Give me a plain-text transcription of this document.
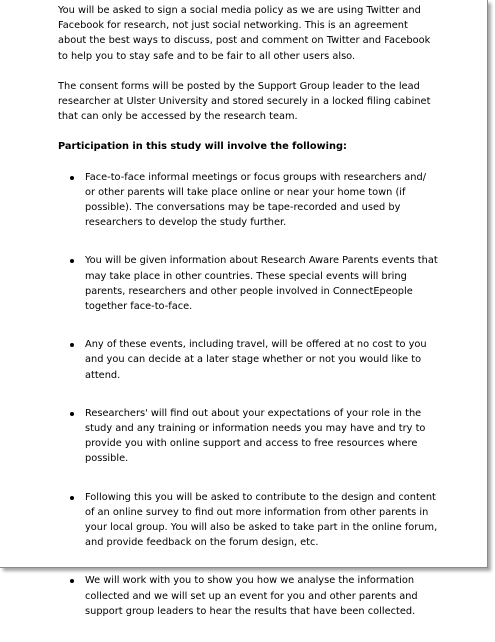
You will be asked to sign a social media policy as we are using Twitter and Facebook for research, not just social networking. This is an agreement about the best ways to discuss, post and comment on Twitter and Facebook to help you to stay safe and to be fair to all other users also.

The consent forms will be posted by the Support Group leader to the lead researcher at Ulster University and stored securely in a locked filing cabinet that can only be accessed by the research team.

Participation in this study will involve the following:

Face-to-face informal meetings or focus groups with researchers and/ or other parents will take place online or near your home town (if possible). The conversations may be tape-recorded and used by researchers to develop the study further.
You will be given information about Research Aware Parents events that may take place in other countries. These special events will bring parents, researchers and other people involved in ConnectEpeople together face-to-face.
Any of these events, including travel, will be offered at no cost to you and you can decide at a later stage whether or not you would like to attend.
Researchers' will find out about your expectations of your role in the study and any training or information needs you may have and try to provide you with online support and access to free resources where possible.
Following this you will be asked to contribute to the design and content of an online survey to find out more information from other parents in your local group. You will also be asked to take part in the online forum, and provide feedback on the forum design, etc.
We will work with you to show you how we analyse the information collected and we will set up an event for you and other parents and support group leaders to hear the results that have been collected.
